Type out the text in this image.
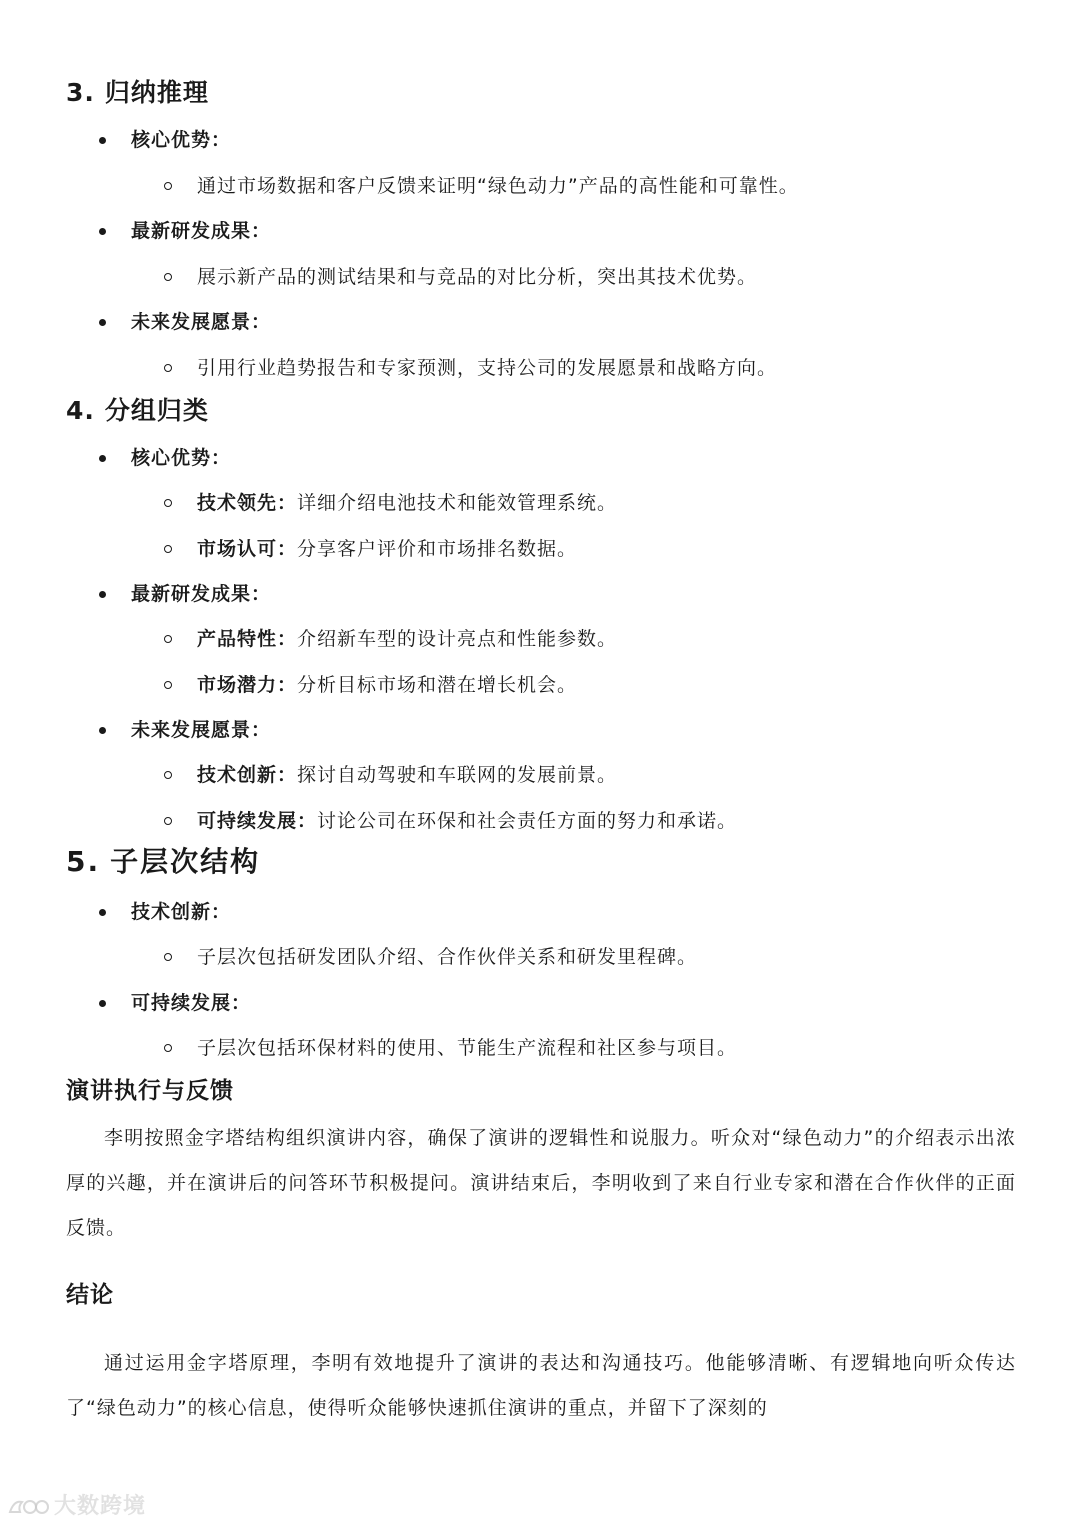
3. 归纳推理
核心优势：
通过市场数据和客户反馈来证明“绿色动力”产品的高性能和可靠性。
最新研发成果：
展示新产品的测试结果和与竞品的对比分析，突出其技术优势。
未来发展愿景：
引用行业趋势报告和专家预测，支持公司的发展愿景和战略方向。
4. 分组归类
核心优势：
技术领先：详细介绍电池技术和能效管理系统。
市场认可：分享客户评价和市场排名数据。
最新研发成果：
产品特性：介绍新车型的设计亮点和性能参数。
市场潜力：分析目标市场和潜在增长机会。
未来发展愿景：
技术创新：探讨自动驾驶和车联网的发展前景。
可持续发展：讨论公司在环保和社会责任方面的努力和承诺。
5. 子层次结构
技术创新：
子层次包括研发团队介绍、合作伙伴关系和研发里程碑。
可持续发展：
子层次包括环保材料的使用、节能生产流程和社区参与项目。
演讲执行与反馈
李明按照金字塔结构组织演讲内容，确保了演讲的逻辑性和说服力。听众对“绿色动力”的介绍表示出浓厚的兴趣，并在演讲后的问答环节积极提问。演讲结束后，李明收到了来自行业专家和潜在合作伙伴的正面反馈。
结论
通过运用金字塔原理，李明有效地提升了演讲的表达和沟通技巧。他能够清晰、有逻辑地向听众传达了“绿色动力”的核心信息，使得听众能够快速抓住演讲的重点，并留下了深刻的
大数跨境
